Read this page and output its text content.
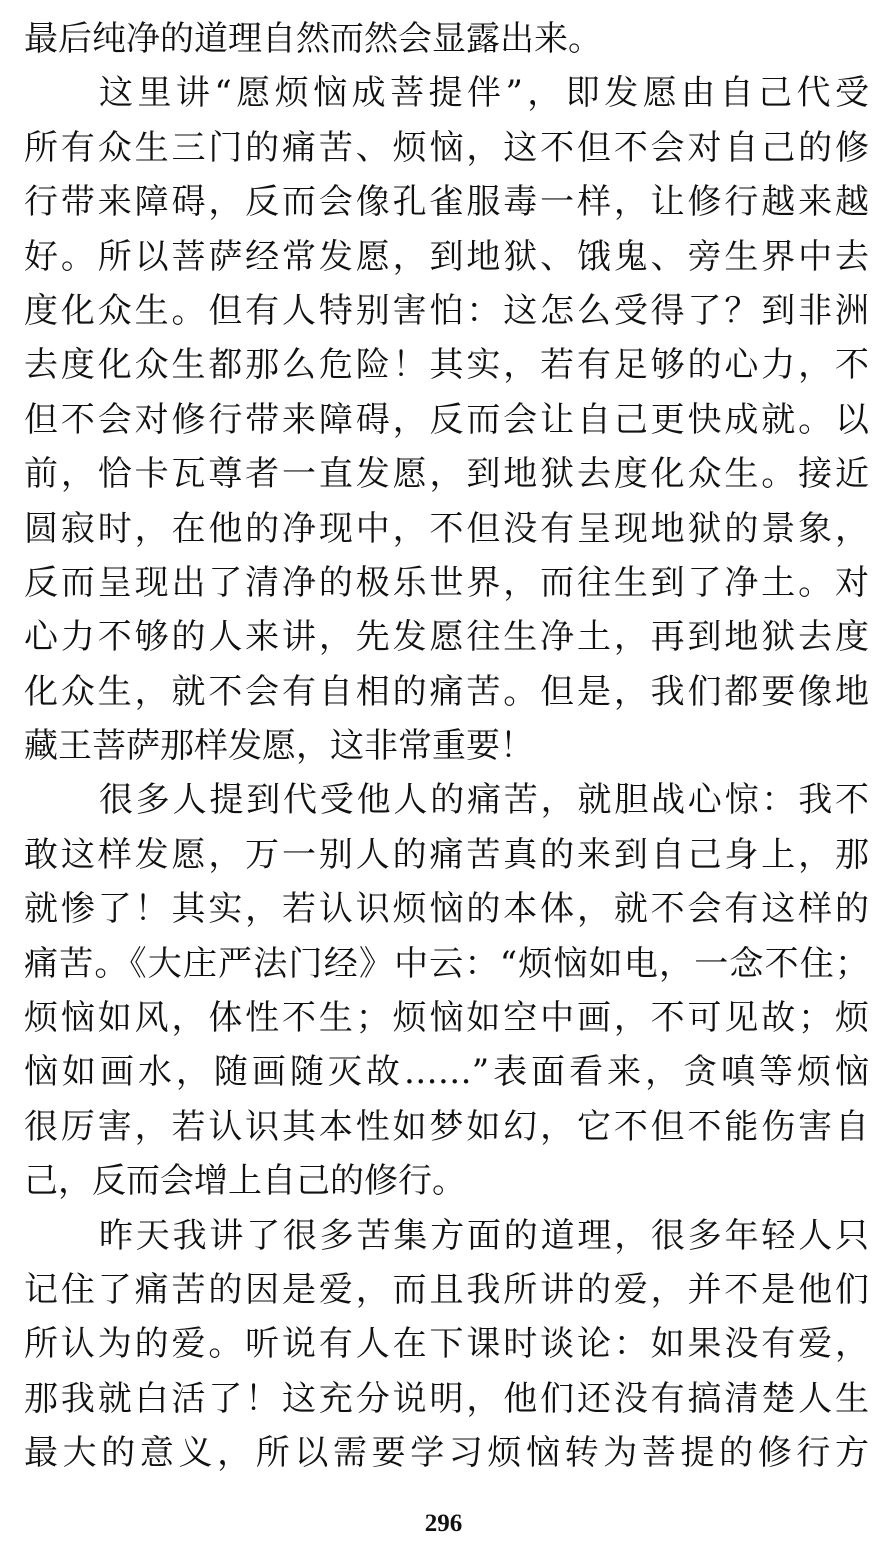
最后纯净的道理自然而然会显露出来。
这里讲“愿烦恼成菩提伴”，即发愿由自己代受
所有众生三门的痛苦、烦恼，这不但不会对自己的修
行带来障碍，反而会像孔雀服毒一样，让修行越来越
好。所以菩萨经常发愿，到地狱、饿鬼、旁生界中去
度化众生。但有人特别害怕：这怎么受得了？到非洲
去度化众生都那么危险！其实，若有足够的心力，不
但不会对修行带来障碍，反而会让自己更快成就。以
前，恰卡瓦尊者一直发愿，到地狱去度化众生。接近
圆寂时，在他的净现中，不但没有呈现地狱的景象，
反而呈现出了清净的极乐世界，而往生到了净土。对
心力不够的人来讲，先发愿往生净土，再到地狱去度
化众生，就不会有自相的痛苦。但是，我们都要像地
藏王菩萨那样发愿，这非常重要！
很多人提到代受他人的痛苦，就胆战心惊：我不
敢这样发愿，万一别人的痛苦真的来到自己身上，那
就惨了！其实，若认识烦恼的本体，就不会有这样的
痛苦。《大庄严法门经》中云：“烦恼如电，一念不住；
烦恼如风，体性不生；烦恼如空中画，不可见故；烦
恼如画水，随画随灭故……”表面看来，贪嗔等烦恼
很厉害，若认识其本性如梦如幻，它不但不能伤害自
己，反而会增上自己的修行。
昨天我讲了很多苦集方面的道理，很多年轻人只
记住了痛苦的因是爱，而且我所讲的爱，并不是他们
所认为的爱。听说有人在下课时谈论：如果没有爱，
那我就白活了！这充分说明，他们还没有搞清楚人生
最大的意义，所以需要学习烦恼转为菩提的修行方
296
